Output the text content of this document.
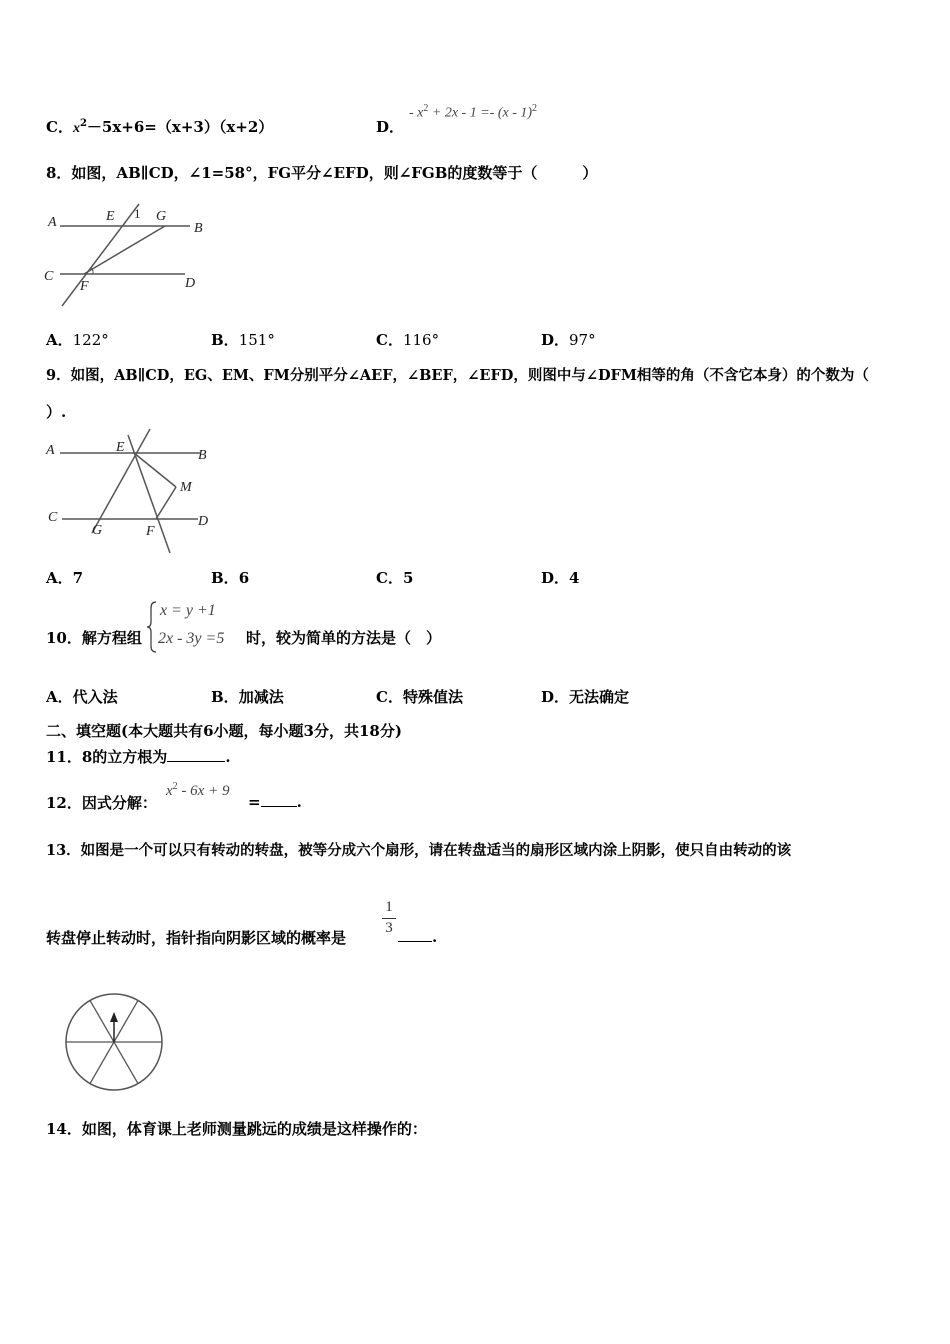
C．$x^2-5x+6=(x+3)(x+2)$	D．
- $x^2 + 2x - 1 =- (x - 1)^2$
8．如图，AB∥CD，∠1=58°，FG平分∠EFD，则∠FGB的度数等于（　　　）
A	E 1 G
B
C
F	D
A．122°	B．151°	C．116°	D．97°
9．如图，AB∥CD，EG、EM、FM分别平分∠AEF，∠BEF，∠EFD，则图中与∠DFM相等的角（不含它本身）的个数为（
）.
A	E
B
M
C
G	F
D
A．7	B．6	C．5	D．4
10．解方程组
x = y +1
2x - 3y =5 时，较为简单的方法是（　）
A．代入法	B．加减法	C．特殊值法	D．无法确定
二、填空题(本大题共有6小题，每小题3分，共18分)
11．8的立方根为	.
12．因式分解：
$x^2 - 6x + 9$
= .
13．如图是一个可以只有转动的转盘，被等分成六个扇形，请在转盘适当的扇形区域内涂上阴影，使只自由转动的该
转盘停止转动时，指针指向阴影区域的概率是
1
3	.
14．如图，体育课上老师测量跳远的成绩是这样操作的：
